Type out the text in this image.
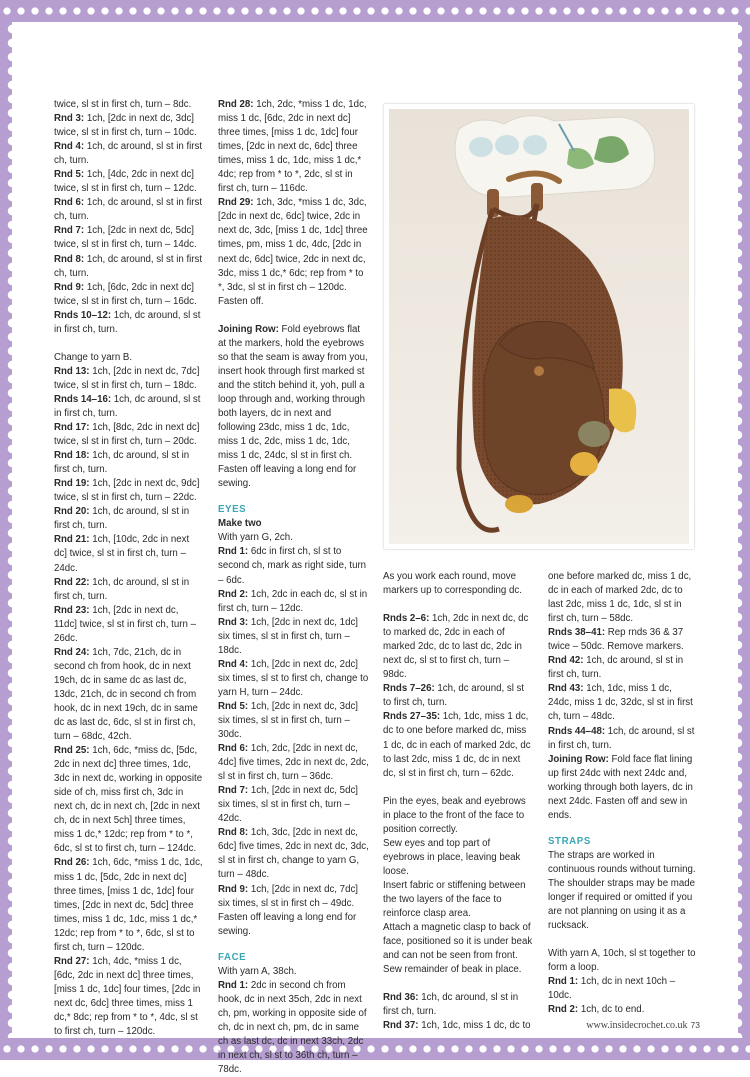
twice, sl st in first ch, turn – 8dc.

Rnd 3: 1ch, [2dc in next dc, 3dc] twice, sl st in first ch, turn – 10dc.

Rnd 4: 1ch, dc around, sl st in first ch, turn.

Rnd 5: 1ch, [4dc, 2dc in next dc] twice, sl st in first ch, turn – 12dc.

Rnd 6: 1ch, dc around, sl st in first ch, turn.

Rnd 7: 1ch, [2dc in next dc, 5dc] twice, sl st in first ch, turn – 14dc.

Rnd 8: 1ch, dc around, sl st in first ch, turn.

Rnd 9: 1ch, [6dc, 2dc in next dc] twice, sl st in first ch, turn – 16dc.

Rnds 10–12: 1ch, dc around, sl st in first ch, turn.

Change to yarn B.

Rnd 13: 1ch, [2dc in next dc, 7dc] twice, sl st in first ch, turn – 18dc.

Rnds 14–16: 1ch, dc around, sl st in first ch, turn.

Rnd 17: 1ch, [8dc, 2dc in next dc] twice, sl st in first ch, turn – 20dc.

Rnd 18: 1ch, dc around, sl st in first ch, turn.

Rnd 19: 1ch, [2dc in next dc, 9dc] twice, sl st in first ch, turn – 22dc.

Rnd 20: 1ch, dc around, sl st in first ch, turn.

Rnd 21: 1ch, [10dc, 2dc in next dc] twice, sl st in first ch, turn – 24dc.

Rnd 22: 1ch, dc around, sl st in first ch, turn.

Rnd 23: 1ch, [2dc in next dc, 11dc] twice, sl st in first ch, turn – 26dc.

Rnd 24: 1ch, 7dc, 21ch, dc in second ch from hook, dc in next 19ch, dc in same dc as last dc, 13dc, 21ch, dc in second ch from hook, dc in next 19ch, dc in same dc as last dc, 6dc, sl st in first ch, turn – 68dc, 42ch.

Rnd 25: 1ch, 6dc, *miss dc, [5dc, 2dc in next dc] three times, 1dc, 3dc in next dc, working in opposite side of ch, miss first ch, 3dc in next ch, dc in next ch, [2dc in next ch, dc in next 5ch] three times, miss 1 dc,* 12dc; rep from * to *, 6dc, sl st to first ch, turn – 124dc.

Rnd 26: 1ch, 6dc, *miss 1 dc, 1dc, miss 1 dc, [5dc, 2dc in next dc] three times, [miss 1 dc, 1dc] four times, [2dc in next dc, 5dc] three times, miss 1 dc, 1dc, miss 1 dc,* 12dc; rep from * to *, 6dc, sl st to first ch, turn – 120dc.

Rnd 27: 1ch, 4dc, *miss 1 dc, [6dc, 2dc in next dc] three times, [miss 1 dc, 1dc] four times, [2dc in next dc, 6dc] three times, miss 1 dc,* 8dc; rep from * to *, 4dc, sl st to first ch, turn – 120dc.

Rnd 28: 1ch, 2dc, *miss 1 dc, 1dc, miss 1 dc, [6dc, 2dc in next dc] three times, [miss 1 dc, 1dc] four times, [2dc in next dc, 6dc] three times, miss 1 dc, 1dc, miss 1 dc,* 4dc; rep from * to *, 2dc, sl st in first ch, turn – 116dc.

Rnd 29: 1ch, 3dc, *miss 1 dc, 3dc, [2dc in next dc, 6dc] twice, 2dc in next dc, 3dc, [miss 1 dc, 1dc] three times, pm, miss 1 dc, 4dc, [2dc in next dc, 6dc] twice, 2dc in next dc, 3dc, miss 1 dc,* 6dc; rep from * to *, 3dc, sl st in first ch – 120dc. Fasten off.

Joining Row: Fold eyebrows flat at the markers, hold the eyebrows so that the seam is away from you, insert hook through first marked st and the stitch behind it, yoh, pull a loop through and, working through both layers, dc in next and following 23dc, miss 1 dc, 1dc, miss 1 dc, 2dc, miss 1 dc, 1dc, miss 1 dc, 24dc, sl st in first ch. Fasten off leaving a long end for sewing.

EYES

Make two

With yarn G, 2ch.

Rnd 1: 6dc in first ch, sl st to second ch, mark as right side, turn – 6dc.

Rnd 2: 1ch, 2dc in each dc, sl st in first ch, turn – 12dc.

Rnd 3: 1ch, [2dc in next dc, 1dc] six times, sl st in first ch, turn – 18dc.

Rnd 4: 1ch, [2dc in next dc, 2dc] six times, sl st to first ch, change to yarn H, turn – 24dc.

Rnd 5: 1ch, [2dc in next dc, 3dc] six times, sl st in first ch, turn – 30dc.

Rnd 6: 1ch, 2dc, [2dc in next dc, 4dc] five times, 2dc in next dc, 2dc, sl st in first ch, turn – 36dc.

Rnd 7: 1ch, [2dc in next dc, 5dc] six times, sl st in first ch, turn – 42dc.

Rnd 8: 1ch, 3dc, [2dc in next dc, 6dc] five times, 2dc in next dc, 3dc, sl st in first ch, change to yarn G, turn – 48dc.

Rnd 9: 1ch, [2dc in next dc, 7dc] six times, sl st in first ch – 49dc. Fasten off leaving a long end for sewing.

FACE

With yarn A, 38ch.

Rnd 1: 2dc in second ch from hook, dc in next 35ch, 2dc in next ch, pm, working in opposite side of ch, dc in next ch, pm, dc in same ch as last dc, dc in next 33ch, 2dc in next ch, sl st to 36th ch, turn – 78dc.

As you work each round, move markers up to corresponding dc.

Rnds 2–6: 1ch, 2dc in next dc, dc to marked dc, 2dc in each of marked 2dc, dc to last dc, 2dc in next dc, sl st to first ch, turn – 98dc.

Rnds 7–26: 1ch, dc around, sl st to first ch, turn.

Rnds 27–35: 1ch, 1dc, miss 1 dc, dc to one before marked dc, miss 1 dc, dc in each of marked 2dc, dc to last 2dc, miss 1 dc, dc in next dc, sl st in first ch, turn – 62dc.

Pin the eyes, beak and eyebrows in place to the front of the face to position correctly.

Sew eyes and top part of eyebrows in place, leaving beak loose.

Insert fabric or stiffening between the two layers of the face to reinforce clasp area.

Attach a magnetic clasp to back of face, positioned so it is under beak and can not be seen from front. Sew remainder of beak in place.

Rnd 36: 1ch, dc around, sl st in first ch, turn.

Rnd 37: 1ch, 1dc, miss 1 dc, dc to

one before marked dc, miss 1 dc, dc in each of marked 2dc, dc to last 2dc, miss 1 dc, 1dc, sl st in first ch, turn – 58dc.

Rnds 38–41: Rep rnds 36 & 37 twice – 50dc. Remove markers.

Rnd 42: 1ch, dc around, sl st in first ch, turn.

Rnd 43: 1ch, 1dc, miss 1 dc, 24dc, miss 1 dc, 32dc, sl st in first ch, turn – 48dc.

Rnds 44–48: 1ch, dc around, sl st in first ch, turn.

Joining Row: Fold face flat lining up first 24dc with next 24dc and, working through both layers, dc in next 24dc. Fasten off and sew in ends.

STRAPS

The straps are worked in continuous rounds without turning. The shoulder straps may be made longer if required or omitted if you are not planning on using it as a rucksack.

With yarn A, 10ch, sl st together to form a loop.

Rnd 1: 1ch, dc in next 10ch – 10dc.

Rnd 2: 1ch, dc to end.

www.insidecrochet.co.uk 73
